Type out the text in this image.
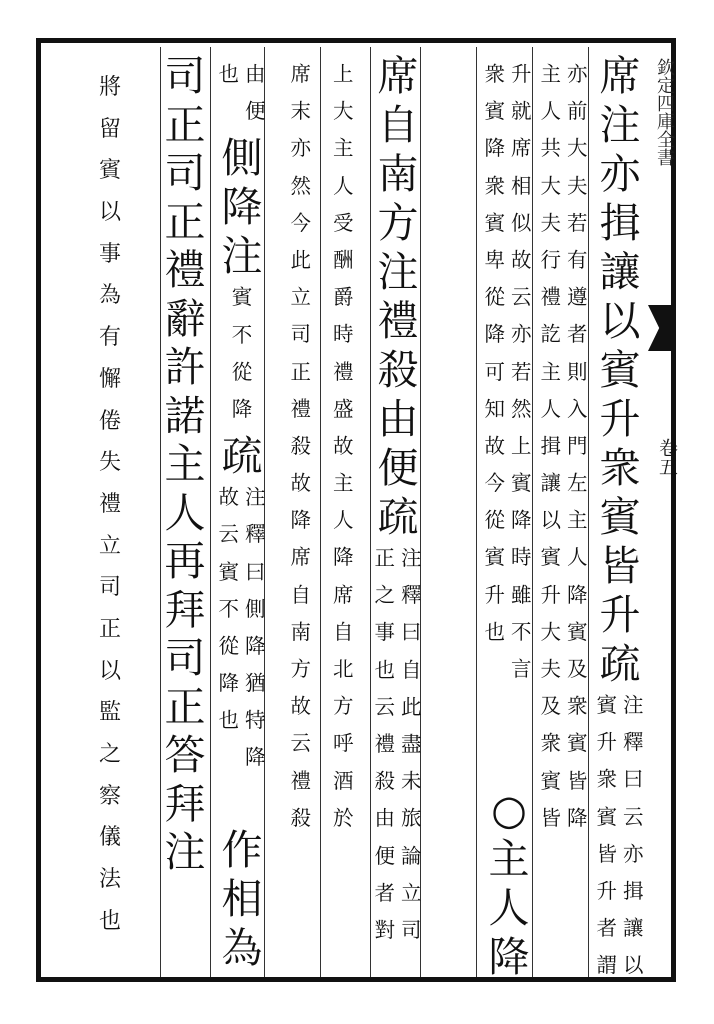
欽定四庫全書
卷五
席
注
亦
揖
讓
以
賓
升
衆
賓
皆
升
疏
注
釋
曰
云
亦
揖
讓
以
賓
升
衆
賓
皆
升
者
謂
亦
前
大
夫
若
有
遵
者
則
入
門
左
主
人
降
賓
及
衆
賓
皆
降
主
人
共
大
夫
行
禮
訖
主
人
揖
讓
以
賓
升
大
夫
及
衆
賓
皆
升
就
席
相
似
故
云
亦
若
然
上
賓
降
時
雖
不
言
衆
賓
降
衆
賓
卑
從
降
可
知
故
今
從
賓
升
也
○
主
人
降
席
自
南
方
注
禮
殺
由
便
疏
注
釋
曰
自
此
盡
未
旅
論
立
司
正
之
事
也
云
禮
殺
由
便
者
對
上
大
主
人
受
酬
爵
時
禮
盛
故
主
人
降
席
自
北
方
呼
酒
於
席
末
亦
然
今
此
立
司
正
禮
殺
故
降
席
自
南
方
故
云
禮
殺
由
便
也
側
降
注
賓
不
從
降
疏
注
釋
曰
側
降
猶
特
降
故
云
賓
不
從
降
也
作
相
為
司
正
司
正
禮
辭
許
諾
主
人
再
拜
司
正
答
拜
注
將
留
賓
以
事
為
有
懈
倦
失
禮
立
司
正
以
監
之
察
儀
法
也
